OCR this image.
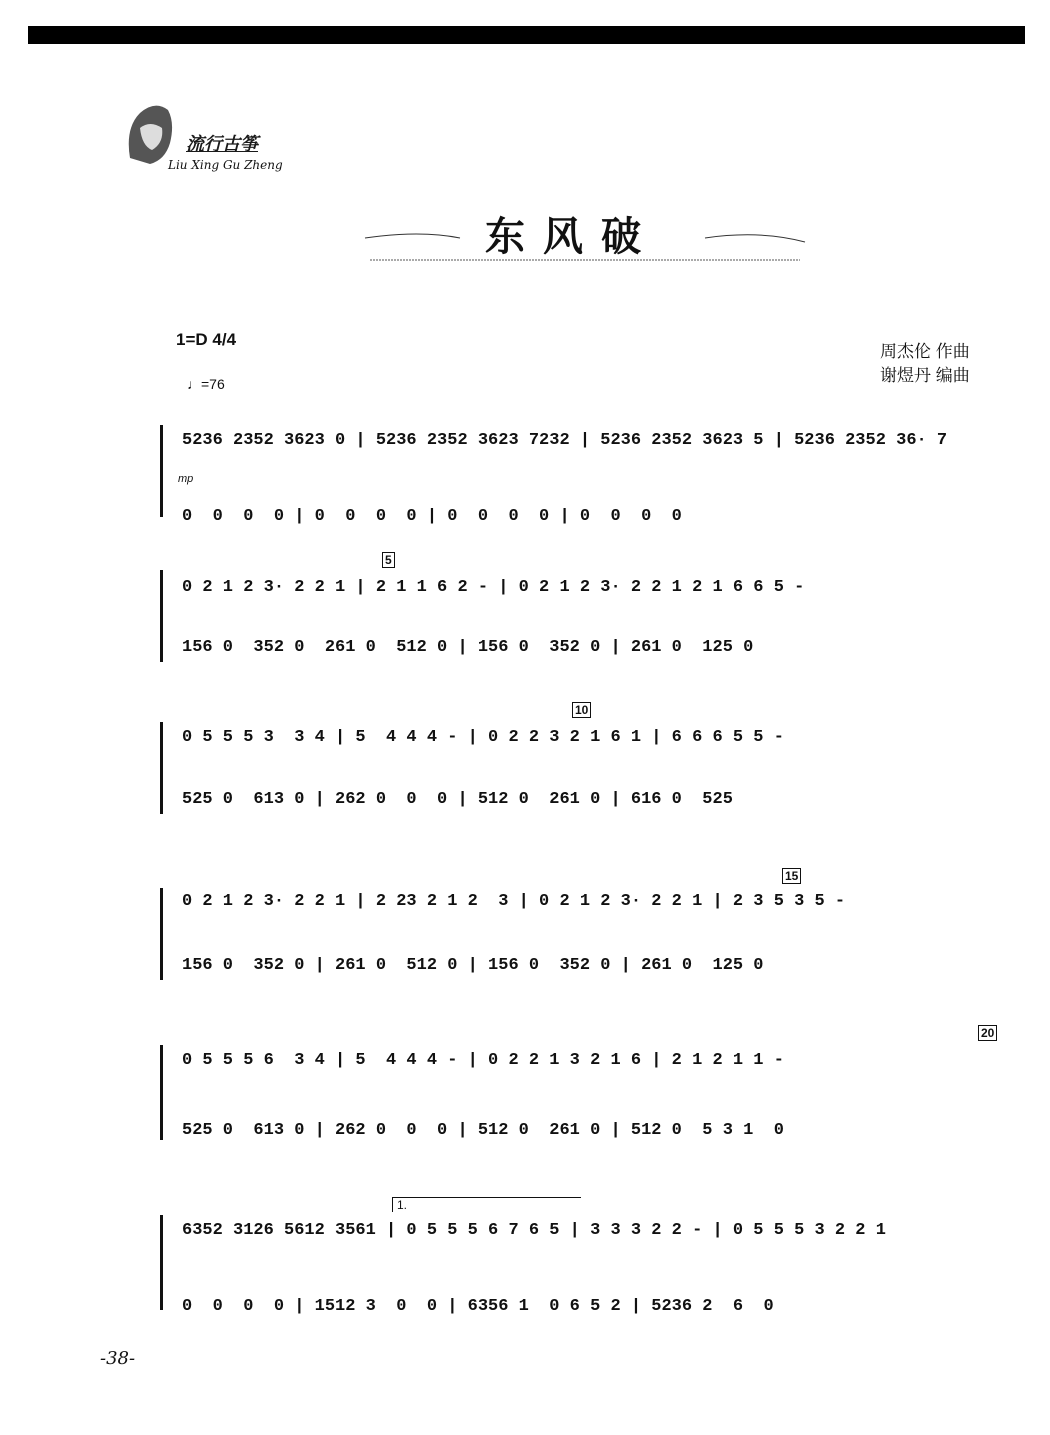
流行古筝
Liu Xing Gu Zheng
东风破
1=D 4/4
♩=76
周杰伦 作曲
谢煜丹 编曲
5236 2352 3623 0 | 5236 2352 3623 7232 | 5236 2352 3623 5 | 5236 2352 36· 7
mp
0  0  0  0 | 0  0  0  0 | 0  0  0  0 | 0  0  0  0
5
0 2 1 2 3· 2 2 1 | 2 1 1 6 2 - | 0 2 1 2 3· 2 2 1 2 1 6 6 5 -
156 0  352 0  261 0  512 0 | 156 0  352 0 | 261 0  125 0
10
0 5 5 5 3  3 4 | 5  4 4 4 - | 0 2 2 3 2 1 6 1 | 6 6 6 5 5 -
525 0  613 0 | 262 0  0  0 | 512 0  261 0 | 616 0  525
15
0 2 1 2 3· 2 2 1 | 2 23 2 1 2  3 | 0 2 1 2 3· 2 2 1 | 2 3 5 3 5 -
156 0  352 0 | 261 0  512 0 | 156 0  352 0 | 261 0  125 0
20
0 5 5 5 6  3 4 | 5  4 4 4 - | 0 2 2 1 3 2 1 6 | 2 1 2 1 1 -
525 0  613 0 | 262 0  0  0 | 512 0  261 0 | 512 0  5 3 1  0
1.
6352 3126 5612 3561 | 0 5 5 5 6 7 6 5 | 3 3 3 2 2 - | 0 5 5 5 3 2 2 1
0  0  0  0 | 1512 3  0  0 | 6356 1  0 6 5 2 | 5236 2  6  0
-38-
